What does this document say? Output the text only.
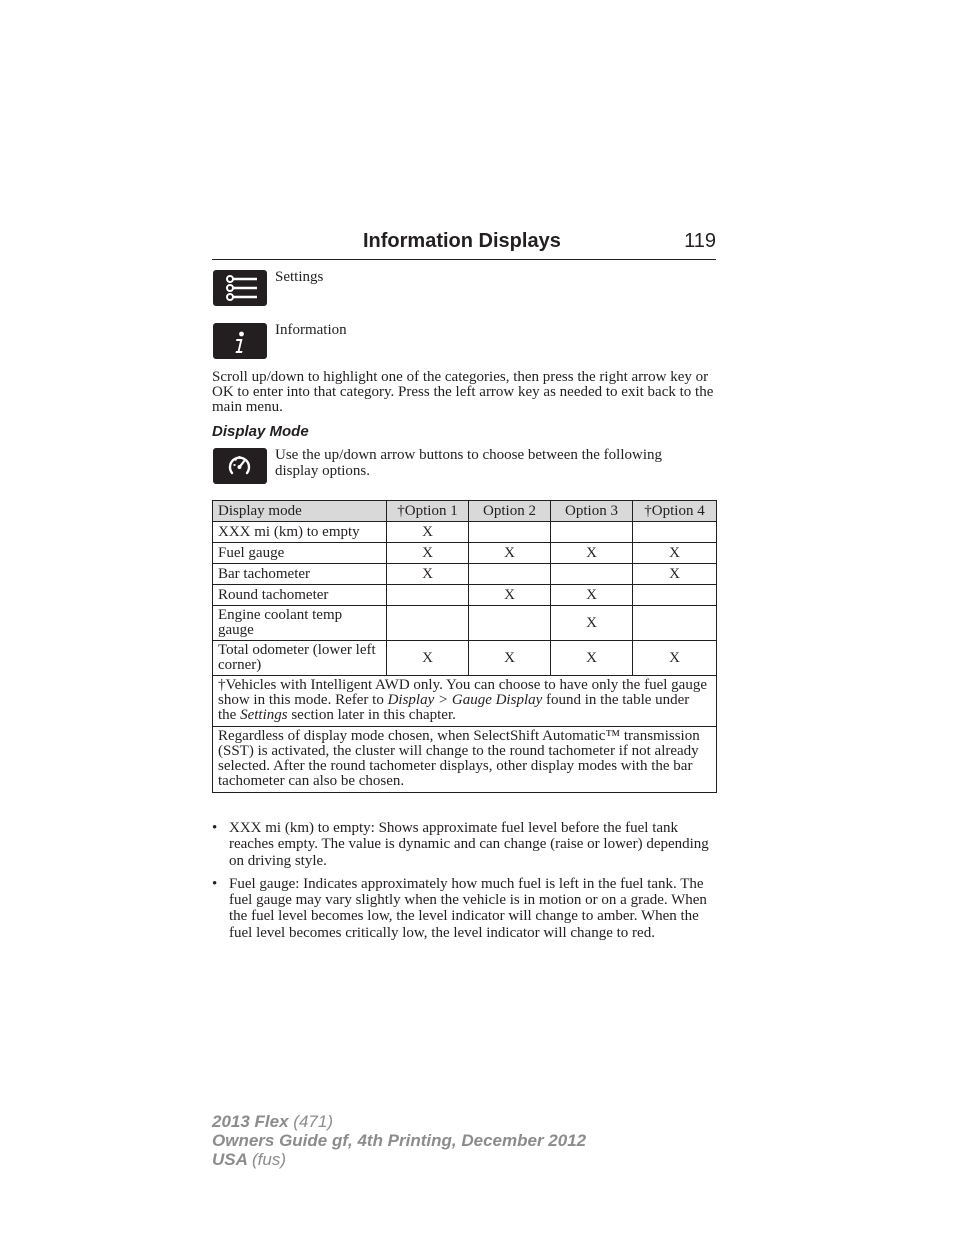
Information Displays	119
Settings
Information
Scroll up/down to highlight one of the categories, then press the right arrow key or OK to enter into that category. Press the left arrow key as needed to exit back to the main menu.
Display Mode
Use the up/down arrow buttons to choose between the following display options.
Display mode	†Option 1	Option 2	Option 3	†Option 4
XXX mi (km) to empty	X			
Fuel gauge	X	X	X	X
Bar tachometer	X			X
Round tachometer		X	X	
Engine coolant temp gauge			X	
Total odometer (lower left corner)	X	X	X	X
†Vehicles with Intelligent AWD only. You can choose to have only the fuel gauge show in this mode. Refer to Display > Gauge Display found in the table under the Settings section later in this chapter.				
Regardless of display mode chosen, when SelectShift Automatic™ transmission (SST) is activated, the cluster will change to the round tachometer if not already selected. After the round tachometer displays, other display modes with the bar tachometer can also be chosen.				
• XXX mi (km) to empty: Shows approximate fuel level before the fuel tank reaches empty. The value is dynamic and can change (raise or lower) depending on driving style.
• Fuel gauge: Indicates approximately how much fuel is left in the fuel tank. The fuel gauge may vary slightly when the vehicle is in motion or on a grade. When the fuel level becomes low, the level indicator will change to amber. When the fuel level becomes critically low, the level indicator will change to red.
2013 Flex (471)
Owners Guide gf, 4th Printing, December 2012
USA (fus)
